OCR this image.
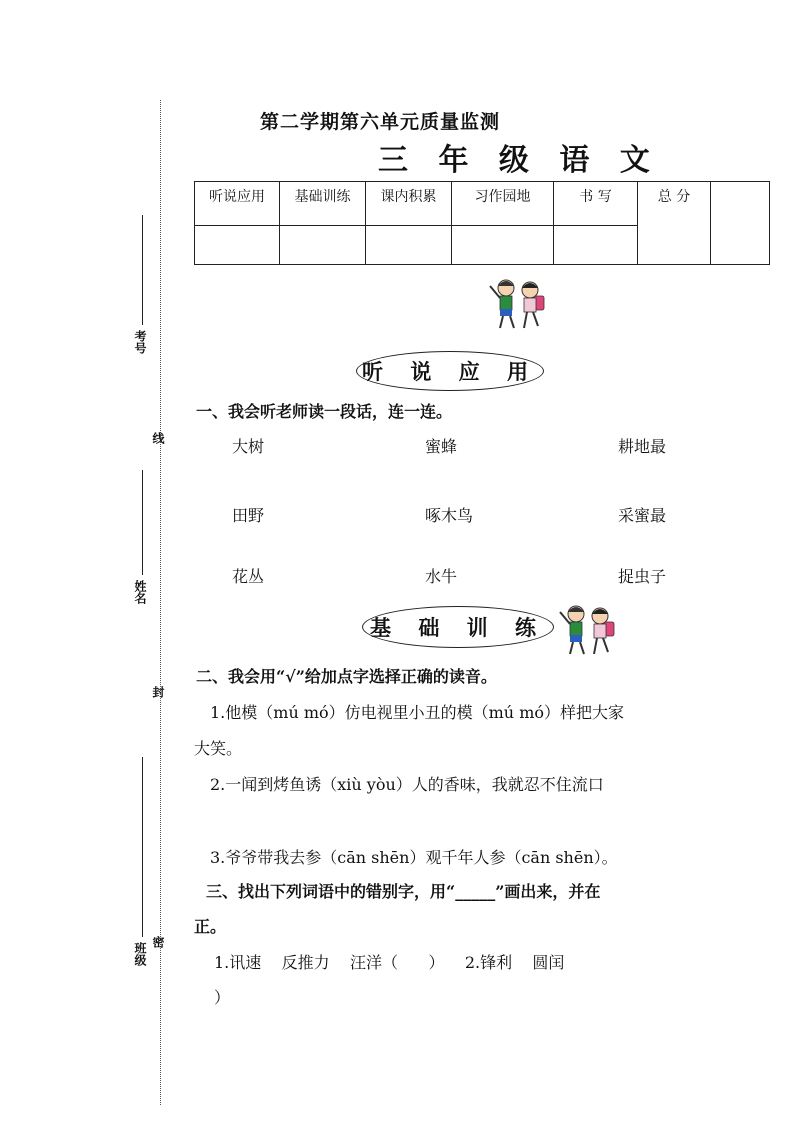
考号
线
姓名
封
班级 密
第二学期第六单元质量监测
三 年 级 语 文
听说应用	基础训练	课内积累	习作园地	书 写	总 分	

听 说 应 用
一、我会听老师读一段话，连一连。
大树	蜜蜂	耕地最
田野	啄木鸟	采蜜最
花丛	水牛	捉虫子
基 础 训 练
二、我会用“√”给加点字选择正确的读音。
1.他模（mú mó）仿电视里小丑的模（mú mó）样把大家
大笑。
2.一闻到烤鱼诱（xiù yòu）人的香味，我就忍不住流口
3.爷爷带我去参（cān shēn）观千年人参（cān shēn）。
三、找出下列词语中的错别字，用“_____”画出来，并在
正。
1.讯速    反推力    汪洋（      ）    2.锋利    圆闰
）
